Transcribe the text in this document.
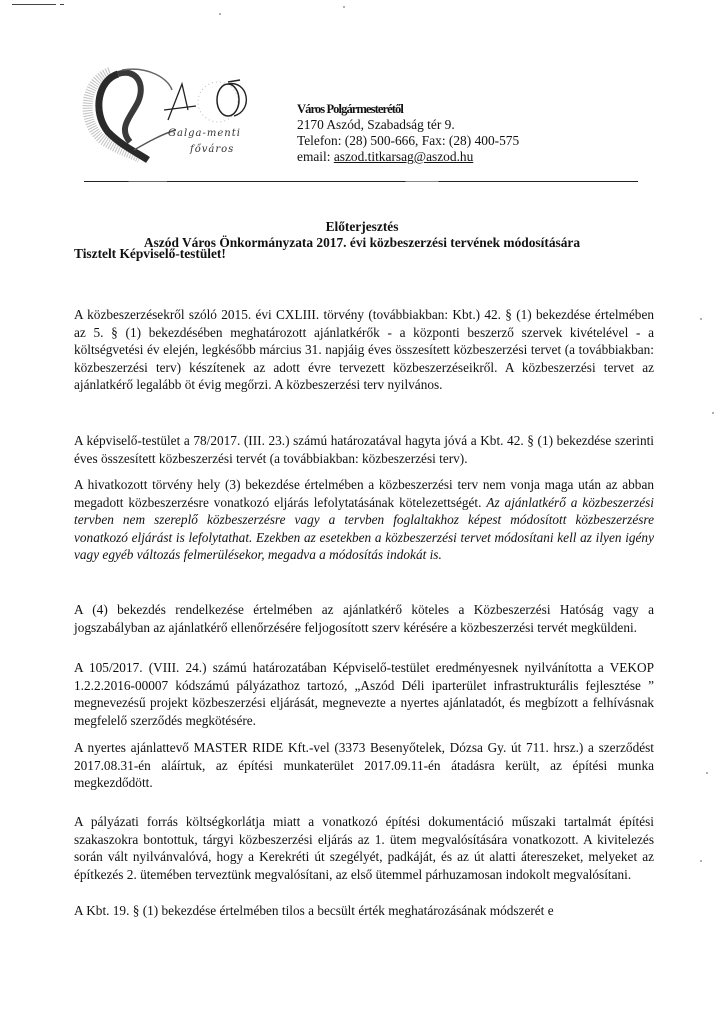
Galga-menti
főváros
Város Polgármesterétől
2170 Aszód, Szabadság tér 9.
Telefon: (28) 500-666, Fax: (28) 400-575
email: aszod.titkarsag@aszod.hu
Előterjesztés
Aszód Város Önkormányzata 2017. évi közbeszerzési tervének módosítására
Tisztelt Képviselő-testület!
A közbeszerzésekről szóló 2015. évi CXLIII. törvény (továbbiakban: Kbt.) 42. § (1) bekezdése értelmében az 5. § (1) bekezdésében meghatározott ajánlatkérők - a központi beszerző szervek kivételével - a költségvetési év elején, legkésőbb március 31. napjáig éves összesített közbeszerzési tervet (a továbbiakban: közbeszerzési terv) készítenek az adott évre tervezett közbeszerzéseikről. A közbeszerzési tervet az ajánlatkérő legalább öt évig megőrzi. A közbeszerzési terv nyilvános.
A képviselő-testület a 78/2017. (III. 23.) számú határozatával hagyta jóvá a Kbt. 42. § (1) bekezdése szerinti éves összesített közbeszerzési tervét (a továbbiakban: közbeszerzési terv).
A hivatkozott törvény hely (3) bekezdése értelmében a közbeszerzési terv nem vonja maga után az abban megadott közbeszerzésre vonatkozó eljárás lefolytatásának kötelezettségét. Az ajánlatkérő a közbeszerzési tervben nem szereplő közbeszerzésre vagy a tervben foglaltakhoz képest módosított közbeszerzésre vonatkozó eljárást is lefolytathat. Ezekben az esetekben a közbeszerzési tervet módosítani kell az ilyen igény vagy egyéb változás felmerülésekor, megadva a módosítás indokát is.
A (4) bekezdés rendelkezése értelmében az ajánlatkérő köteles a Közbeszerzési Hatóság vagy a jogszabályban az ajánlatkérő ellenőrzésére feljogosított szerv kérésére a közbeszerzési tervét megküldeni.
A 105/2017. (VIII. 24.) számú határozatában Képviselő-testület eredményesnek nyilvánította a VEKOP 1.2.2.2016-00007 kódszámú pályázathoz tartozó, „Aszód Déli iparterület infrastrukturális fejlesztése ” megnevezésű projekt közbeszerzési eljárását, megnevezte a nyertes ajánlatadót, és megbízott a felhívásnak megfelelő szerződés megkötésére.
A nyertes ajánlattevő MASTER RIDE Kft.-vel (3373 Besenyőtelek, Dózsa Gy. út 711. hrsz.) a szerződést 2017.08.31-én aláírtuk, az építési munkaterület 2017.09.11-én átadásra került, az építési munka megkezdődött.
A pályázati forrás költségkorlátja miatt a vonatkozó építési dokumentáció műszaki tartalmát építési szakaszokra bontottuk, tárgyi közbeszerzési eljárás az 1. ütem megvalósítására vonatkozott. A kivitelezés során vált nyilvánvalóvá, hogy a Kerekréti út szegélyét, padkáját, és az út alatti átereszeket, melyeket az építkezés 2. ütemében terveztünk megvalósítani, az első ütemmel párhuzamosan indokolt megvalósítani.
A Kbt. 19. § (1) bekezdése értelmében tilos a becsült érték meghatározásának módszerét e
